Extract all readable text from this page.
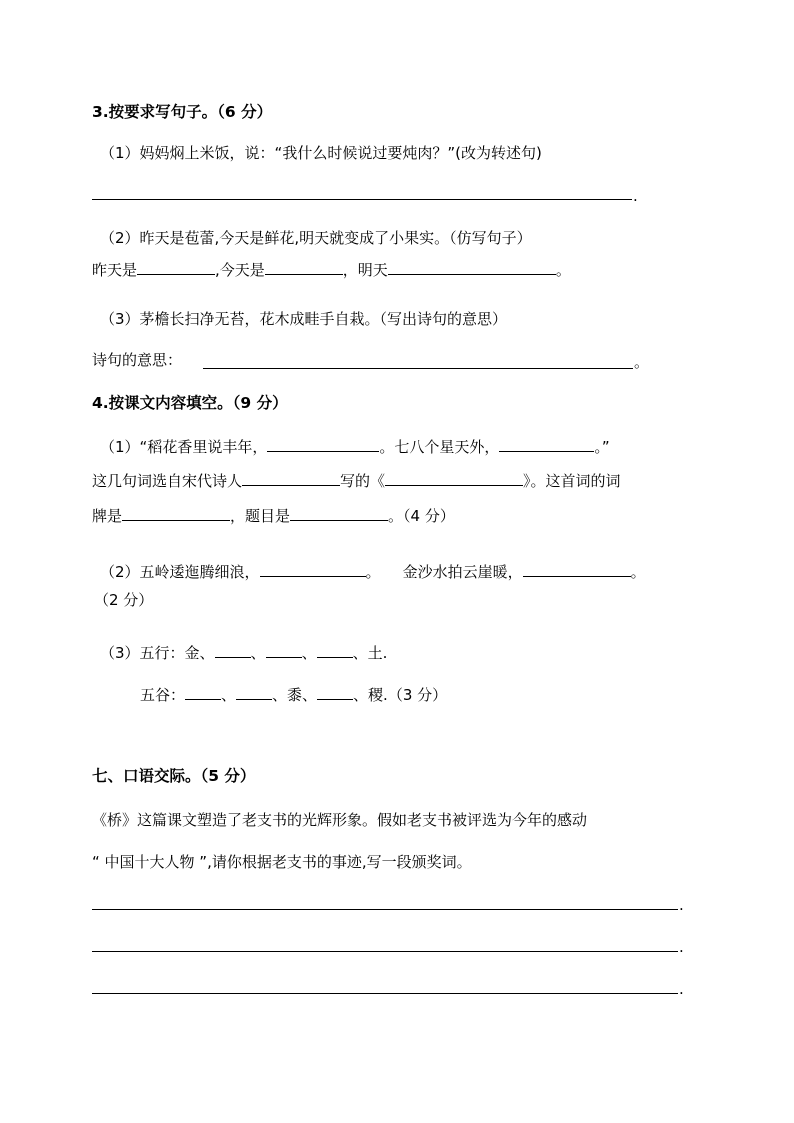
3.按要求写句子。（6 分）
（1）妈妈焖上米饭，说：“我什么时候说过要炖肉？”(改为转述句)
.
（2）昨天是苞蕾,今天是鲜花,明天就变成了小果实。（仿写句子）
昨天是	,今天是	，明天	。
（3）茅檐长扫净无苔，花木成畦手自栽。（写出诗句的意思）
诗句的意思：	。
4.按课文内容填空。（9 分）
（1）“稻花香里说丰年，	。七八个星天外，	。”
这几句词选自宋代诗人	写的《	》。这首词的词
牌是	，题目是	。（4 分）
（2）五岭逶迤腾细浪，	。 金沙水拍云崖暖，	。
（2 分）
（3）五行：金、 、 、 、土.
五谷： 、 、黍、 、稷.（3 分）
七、口语交际。（5 分）
《桥》这篇课文塑造了老支书的光辉形象。假如老支书被评选为今年的感动
“ 中国十大人物 ”,请你根据老支书的事迹,写一段颁奖词。
.
.
.
